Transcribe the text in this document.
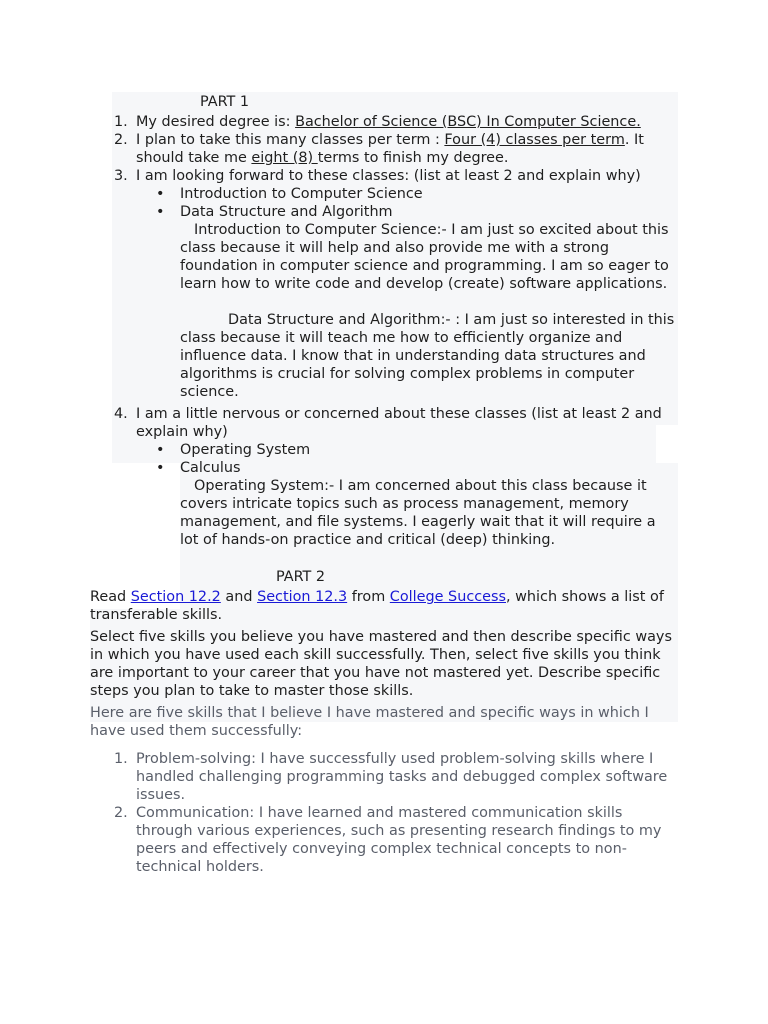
PART 1

1. My desired degree is: Bachelor of Science (BSC) In Computer Science.
2. I plan to take this many classes per term : Four (4) classes per term. It should take me eight (8) terms to finish my degree.
3. I am looking forward to these classes: (list at least 2 and explain why)
• Introduction to Computer Science
• Data Structure and Algorithm

Introduction to Computer Science:- I am just so excited about this class because it will help and also provide me with a strong foundation in computer science and programming. I am so eager to learn how to write code and develop (create) software applications.

Data Structure and Algorithm:- : I am just so interested in this class because it will teach me how to efficiently organize and influence data. I know that in understanding data structures and algorithms is crucial for solving complex problems in computer science.

4. I am a little nervous or concerned about these classes (list at least 2 and explain why)
• Operating System
• Calculus

Operating System:- I am concerned about this class because it covers intricate topics such as process management, memory management, and file systems. I eagerly wait that it will require a lot of hands-on practice and critical (deep) thinking.

PART 2

Read Section 12.2 and Section 12.3 from College Success, which shows a list of transferable skills.

Select five skills you believe you have mastered and then describe specific ways in which you have used each skill successfully. Then, select five skills you think are important to your career that you have not mastered yet. Describe specific steps you plan to take to master those skills.

Here are five skills that I believe I have mastered and specific ways in which I have used them successfully:

1. Problem-solving: I have successfully used problem-solving skills where I handled challenging programming tasks and debugged complex software issues.
2. Communication: I have learned and mastered communication skills through various experiences, such as presenting research findings to my peers and effectively conveying complex technical concepts to non-technical holders.
